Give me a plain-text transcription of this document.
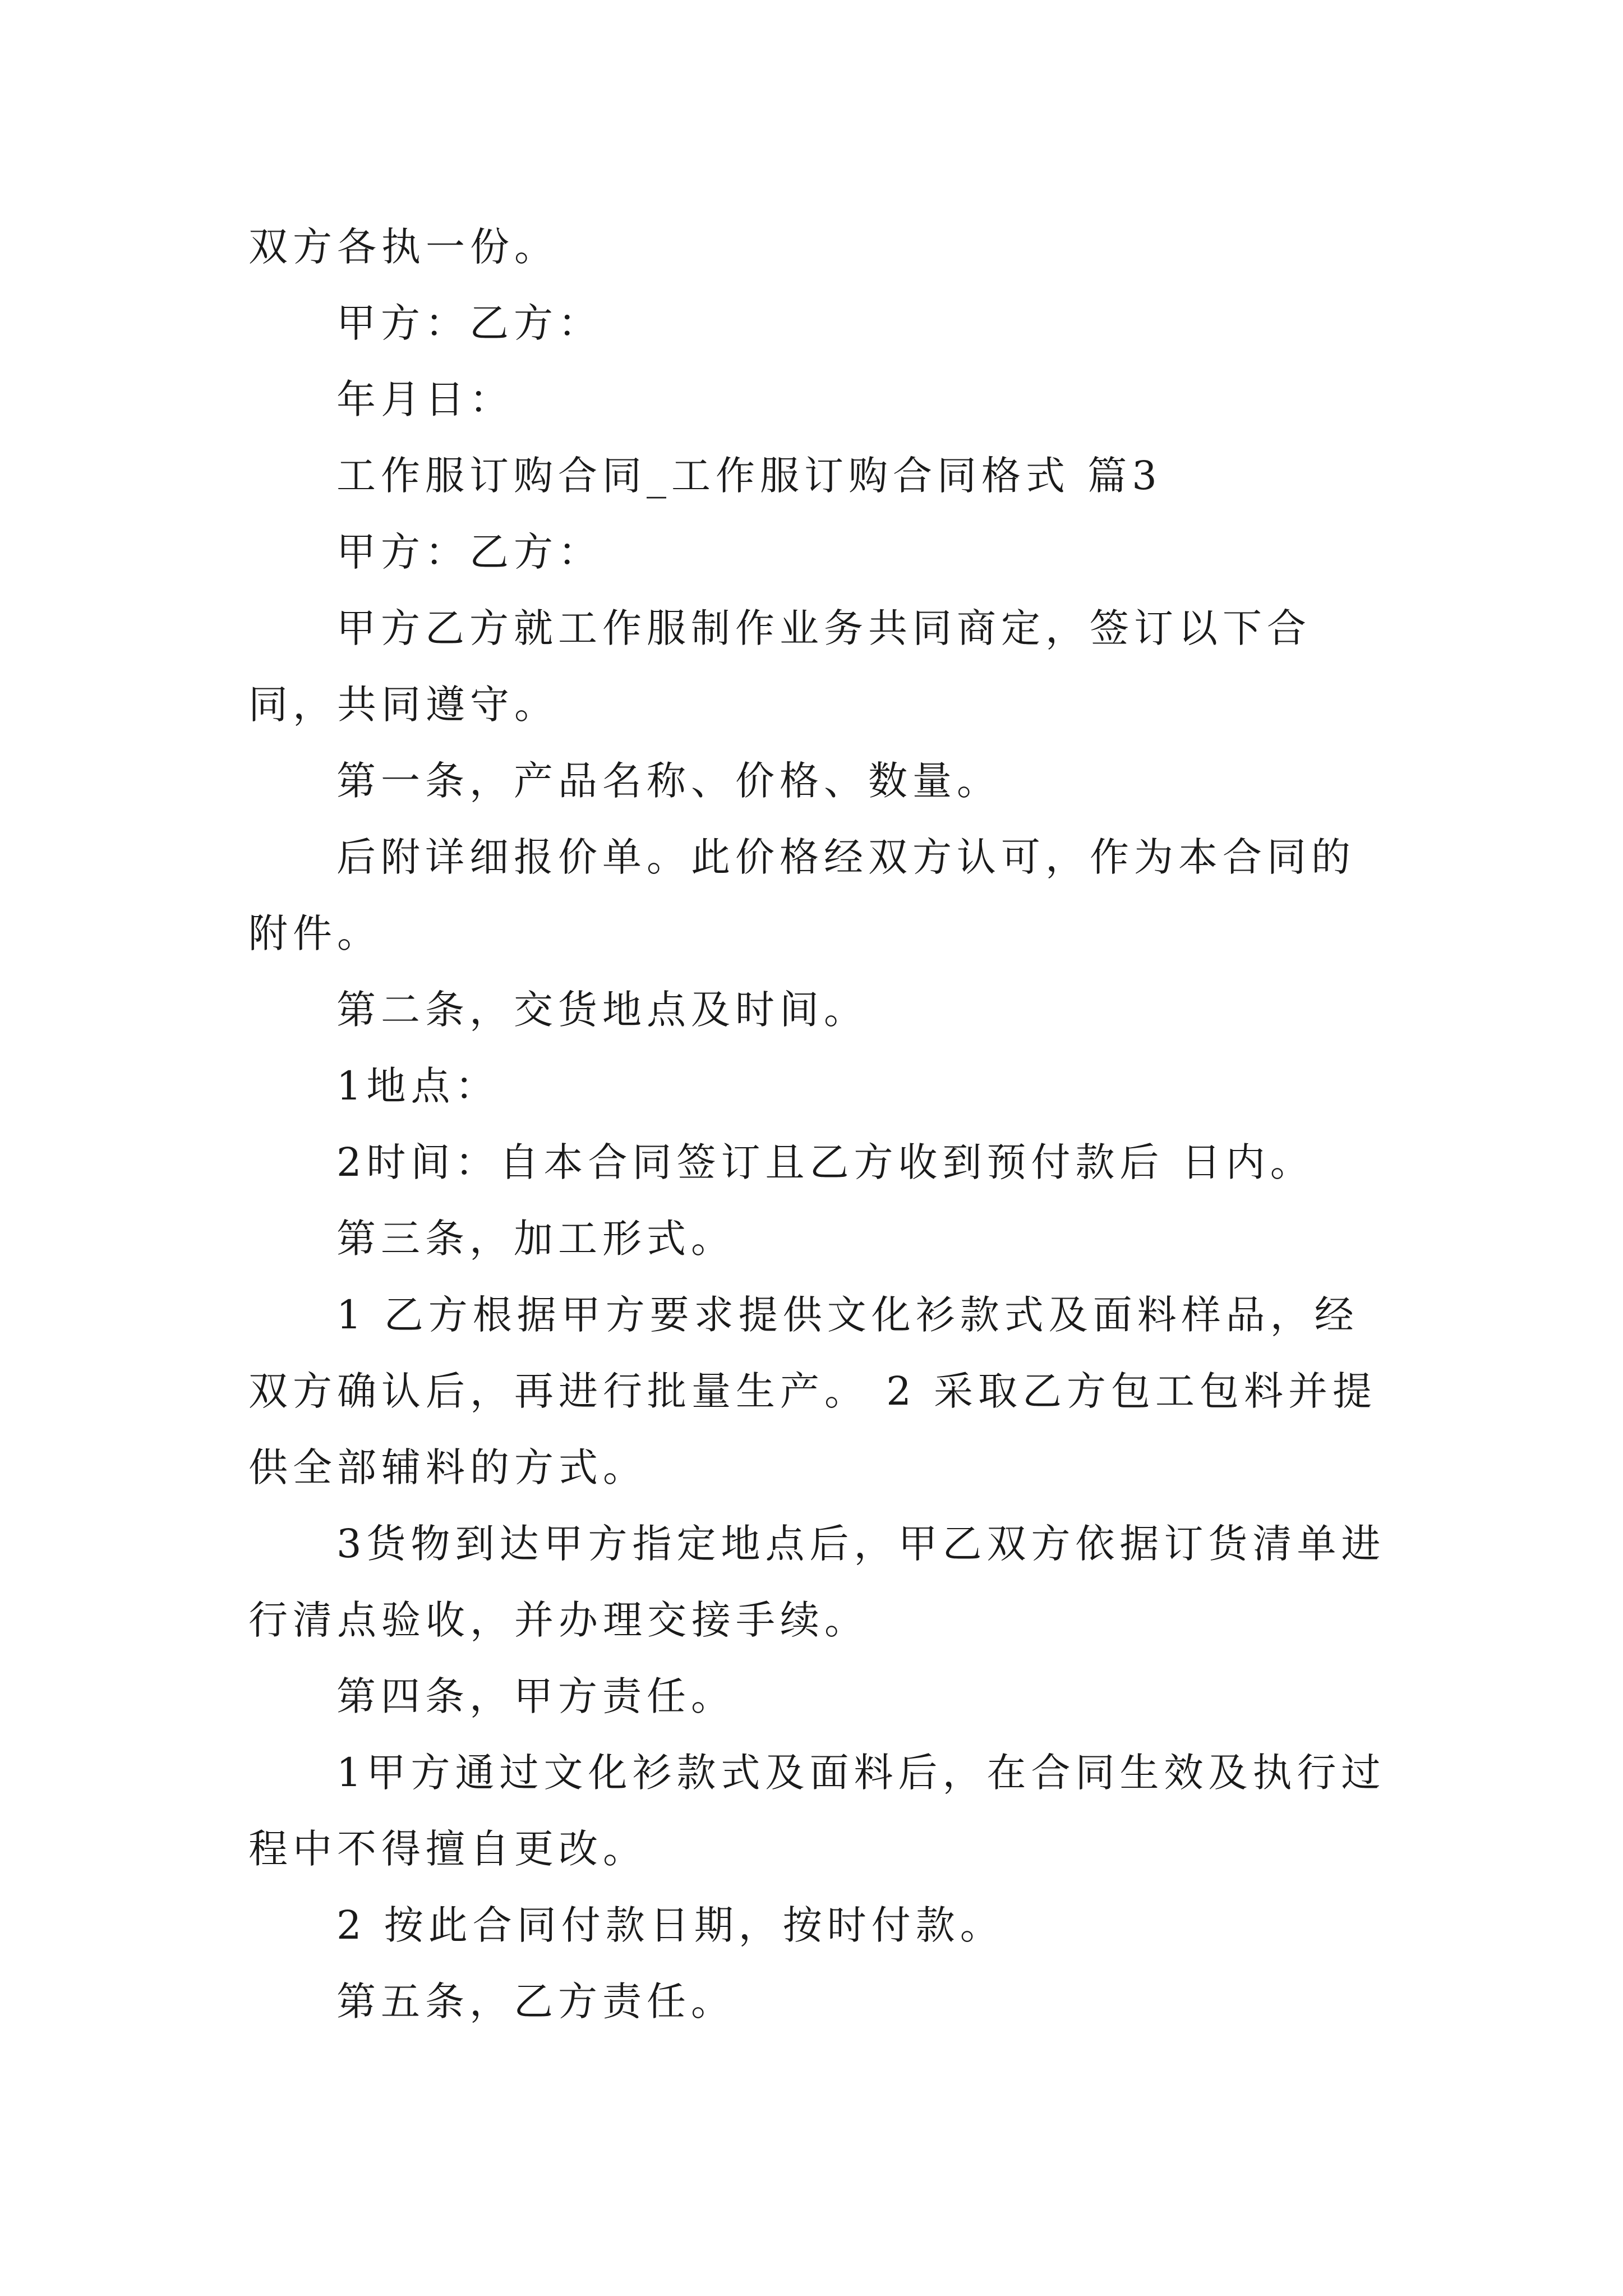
双方各执一份。

甲方：乙方：

年月日：

工作服订购合同_工作服订购合同格式 篇3

甲方：乙方：

甲方乙方就工作服制作业务共同商定，签订以下合同，共同遵守。

第一条，产品名称、价格、数量。

后附详细报价单。此价格经双方认可，作为本合同的附件。

第二条，交货地点及时间。

1地点：

2时间：自本合同签订且乙方收到预付款后 日内。

第三条，加工形式。

1 乙方根据甲方要求提供文化衫款式及面料样品，经双方确认后，再进行批量生产。 2 采取乙方包工包料并提供全部辅料的方式。

3货物到达甲方指定地点后，甲乙双方依据订货清单进行清点验收，并办理交接手续。

第四条，甲方责任。

1甲方通过文化衫款式及面料后，在合同生效及执行过程中不得擅自更改。

2 按此合同付款日期，按时付款。

第五条，乙方责任。
